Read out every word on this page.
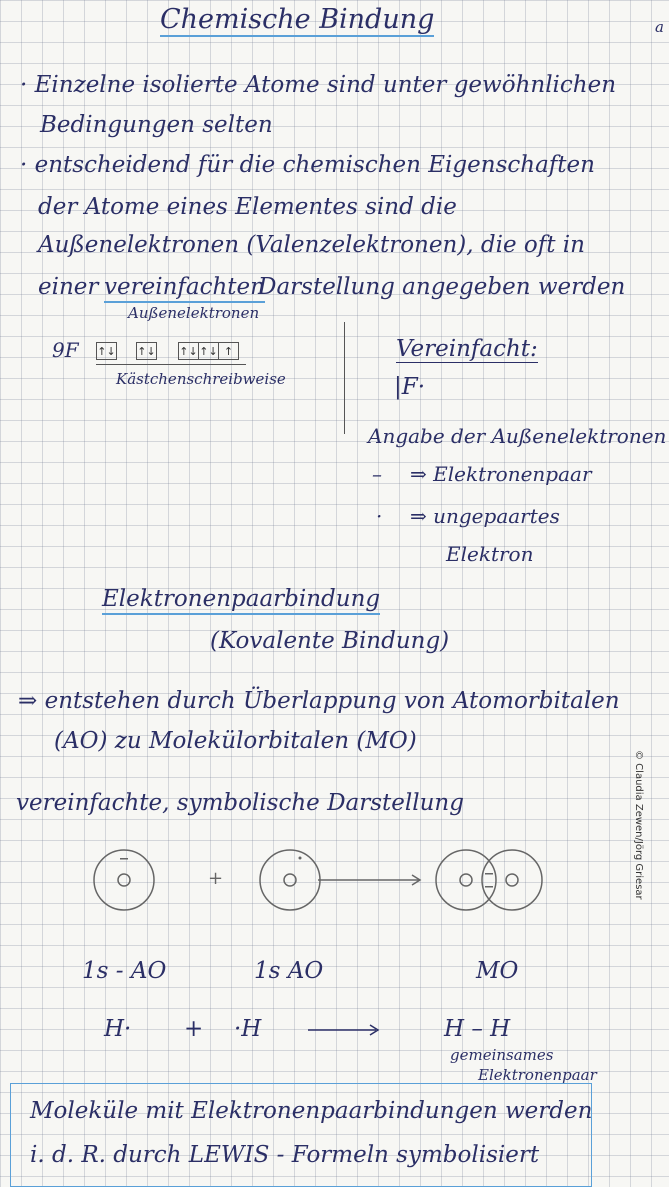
Chemische Bindung	a
· Einzelne isolierte Atome sind unter gewöhnlichen
Bedingungen selten
· entscheidend für die chemischen Eigenschaften
der Atome eines Elementes sind die
Außenelektronen (Valenzelektronen), die oft in
einer vereinfachten
Darstellung angegeben werden
Außenelektronen
9F ↑↓ ↑↓ ↑↓ ↑↓ ↑
Kästchenschreibweise
Vereinfacht:
|F·
Angabe der Außenelektronen
– ⇒ Elektronenpaar
· ⇒ ungepaartes
Elektron
Elektronenpaarbindung
(Kovalente Bindung)
⇒ entstehen durch Überlappung von Atomorbitalen
(AO) zu Molekülorbitalen (MO)
vereinfachte, symbolische Darstellung
+
1s - AO	1s AO	MO
H· + ·H	H – H
gemeinsames
Elektronenpaar
Moleküle mit Elektronenpaarbindungen werden
i. d. R. durch LEWIS - Formeln symbolisiert
© Claudia Zewen/Jörg Griesar
